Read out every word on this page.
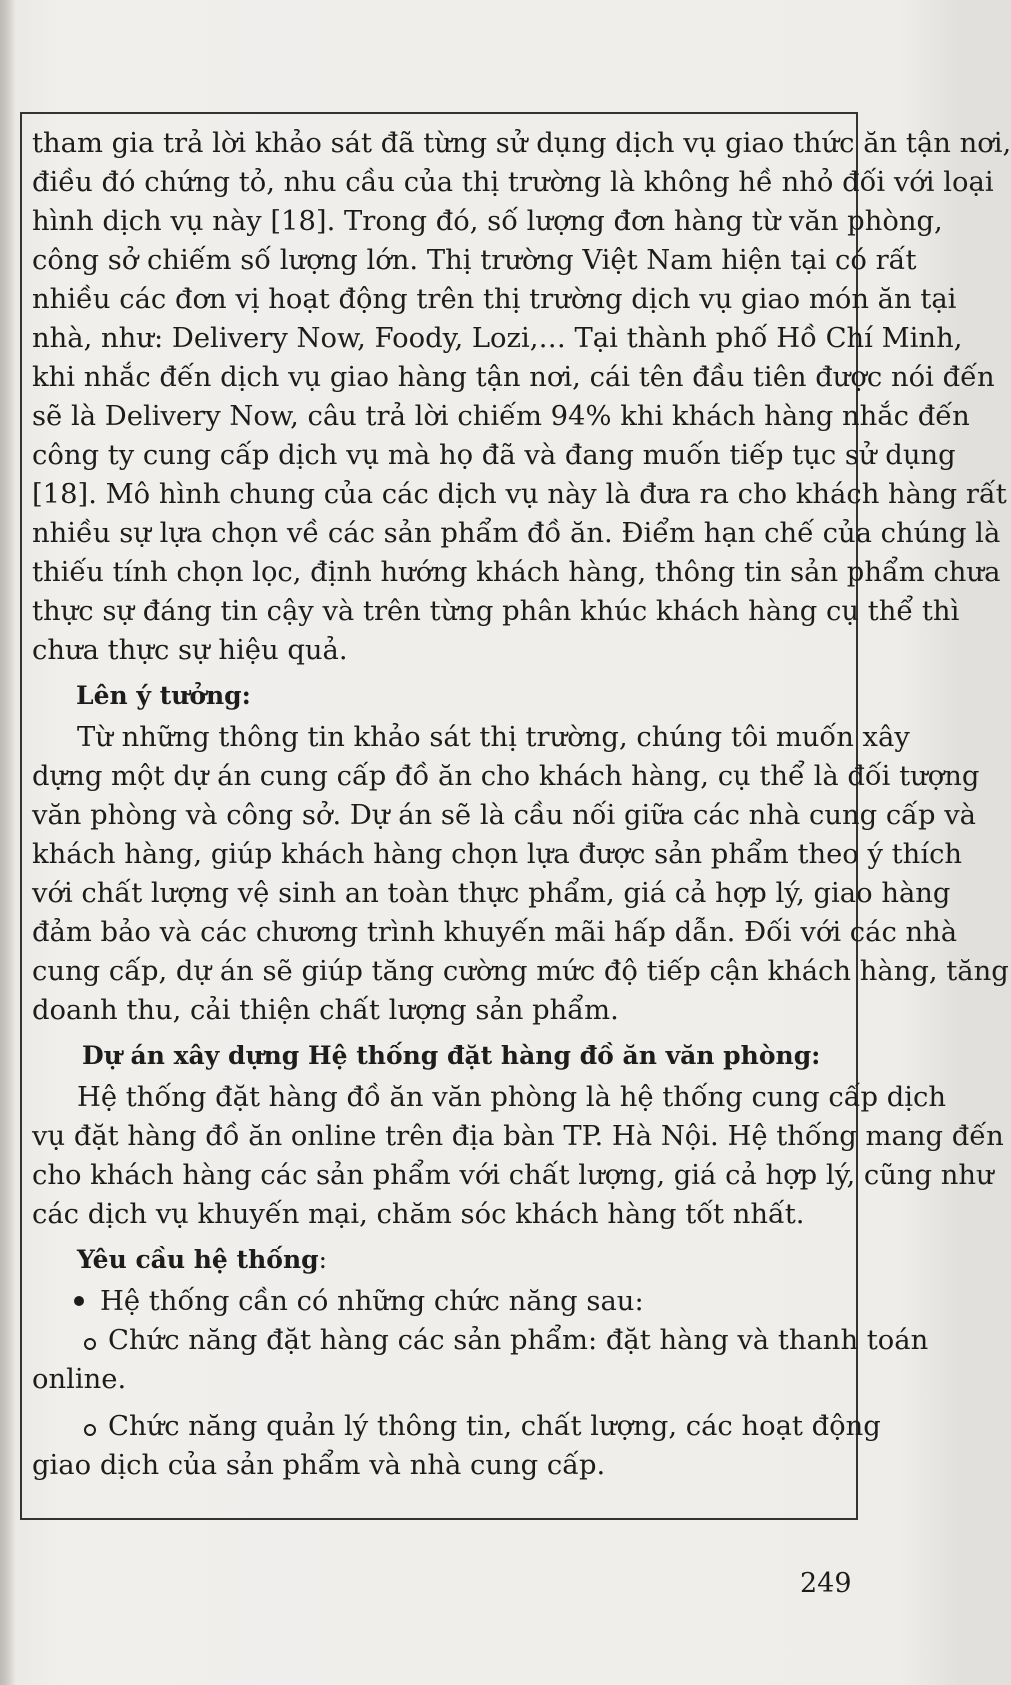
tham gia trả lời khảo sát đã từng sử dụng dịch vụ giao thức ăn tận nơi,
điều đó chứng tỏ, nhu cầu của thị trường là không hề nhỏ đối với loại
hình dịch vụ này [18]. Trong đó, số lượng đơn hàng từ văn phòng,
công sở chiếm số lượng lớn. Thị trường Việt Nam hiện tại có rất
nhiều các đơn vị hoạt động trên thị trường dịch vụ giao món ăn tại
nhà, như: Delivery Now, Foody, Lozi,… Tại thành phố Hồ Chí Minh,
khi nhắc đến dịch vụ giao hàng tận nơi, cái tên đầu tiên được nói đến
sẽ là Delivery Now, câu trả lời chiếm 94% khi khách hàng nhắc đến
công ty cung cấp dịch vụ mà họ đã và đang muốn tiếp tục sử dụng
[18]. Mô hình chung của các dịch vụ này là đưa ra cho khách hàng rất
nhiều sự lựa chọn về các sản phẩm đồ ăn. Điểm hạn chế của chúng là
thiếu tính chọn lọc, định hướng khách hàng, thông tin sản phẩm chưa
thực sự đáng tin cậy và trên từng phân khúc khách hàng cụ thể thì
chưa thực sự hiệu quả.
Lên ý tưởng:
Từ những thông tin khảo sát thị trường, chúng tôi muốn xây
dựng một dự án cung cấp đồ ăn cho khách hàng, cụ thể là đối tượng
văn phòng và công sở. Dự án sẽ là cầu nối giữa các nhà cung cấp và
khách hàng, giúp khách hàng chọn lựa được sản phẩm theo ý thích
với chất lượng vệ sinh an toàn thực phẩm, giá cả hợp lý, giao hàng
đảm bảo và các chương trình khuyến mãi hấp dẫn. Đối với các nhà
cung cấp, dự án sẽ giúp tăng cường mức độ tiếp cận khách hàng, tăng
doanh thu, cải thiện chất lượng sản phẩm.
Dự án xây dựng Hệ thống đặt hàng đồ ăn văn phòng:
Hệ thống đặt hàng đồ ăn văn phòng là hệ thống cung cấp dịch
vụ đặt hàng đồ ăn online trên địa bàn TP. Hà Nội. Hệ thống mang đến
cho khách hàng các sản phẩm với chất lượng, giá cả hợp lý, cũng như
các dịch vụ khuyến mại, chăm sóc khách hàng tốt nhất.
Yêu cầu hệ thống:
Hệ thống cần có những chức năng sau:
Chức năng đặt hàng các sản phẩm: đặt hàng và thanh toán
online.
Chức năng quản lý thông tin, chất lượng, các hoạt động
giao dịch của sản phẩm và nhà cung cấp.
249
